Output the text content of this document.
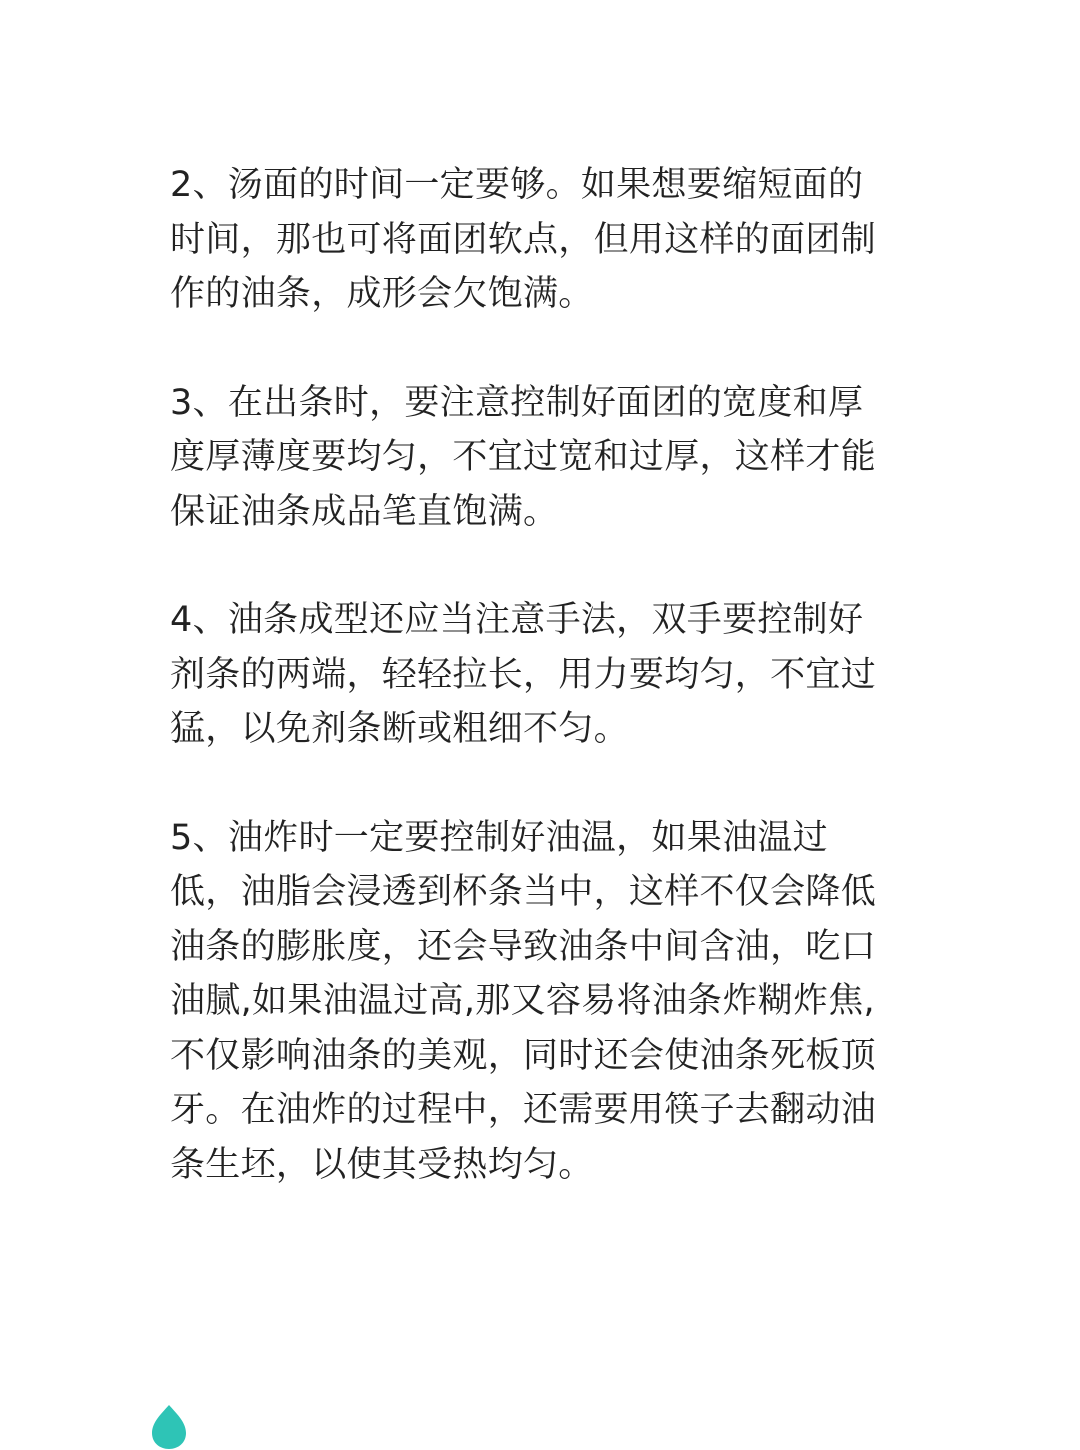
2、汤面的时间一定要够。如果想要缩短面的
时间，那也可将面团软点，但用这样的面团制
作的油条，成形会欠饱满。

3、在出条时，要注意控制好面团的宽度和厚
度厚薄度要均匀，不宜过宽和过厚，这样才能
保证油条成品笔直饱满。

4、油条成型还应当注意手法，双手要控制好
剂条的两端，轻轻拉长，用力要均匀，不宜过
猛，以免剂条断或粗细不匀。

5、油炸时一定要控制好油温，如果油温过
低，油脂会浸透到杯条当中，这样不仅会降低
油条的膨胀度，还会导致油条中间含油，吃口
油腻,如果油温过高,那又容易将油条炸糊炸焦,
不仅影响油条的美观，同时还会使油条死板顶
牙。在油炸的过程中，还需要用筷子去翻动油
条生坯，以使其受热均匀。
